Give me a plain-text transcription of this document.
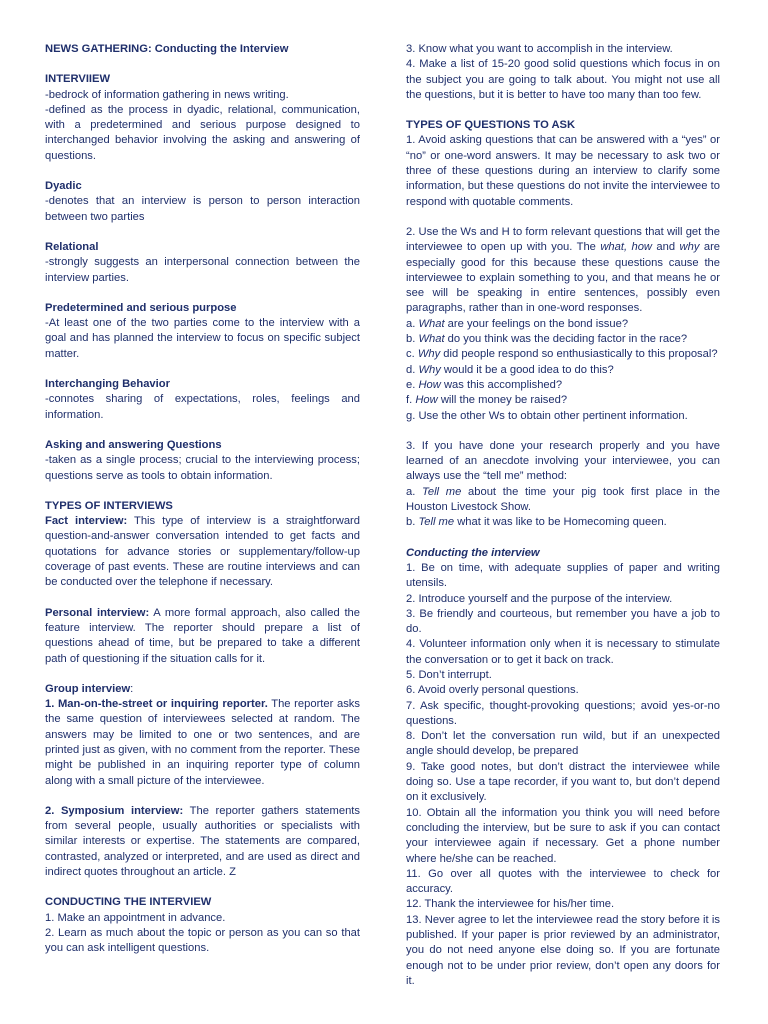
NEWS GATHERING: Conducting the Interview

INTERVIIEW

-bedrock of information gathering in news writing.

-defined as the process in dyadic, relational, communication, with a predetermined and serious purpose designed to interchanged behavior involving the asking and answering of questions.

Dyadic

-denotes that an interview is person to person interaction between two parties

Relational

-strongly suggests an interpersonal connection between the interview parties.

Predetermined and serious purpose

-At least one of the two parties come to the interview with a goal and has planned the interview to focus on specific subject matter.

Interchanging Behavior

-connotes sharing of expectations, roles, feelings and information.

Asking and answering Questions

-taken as a single process; crucial to the interviewing process; questions serve as tools to obtain information.

TYPES OF INTERVIEWS

Fact interview: This type of interview is a straightforward question-and-answer conversation intended to get facts and quotations for advance stories or supplementary/follow-up coverage of past events. These are routine interviews and can be conducted over the telephone if necessary.

Personal interview: A more formal approach, also called the feature interview. The reporter should prepare a list of questions ahead of time, but be prepared to take a different path of questioning if the situation calls for it.

Group interview:

1. Man-on-the-street or inquiring reporter. The reporter asks the same question of interviewees selected at random. The answers may be limited to one or two sentences, and are printed just as given, with no comment from the reporter. These might be published in an inquiring reporter type of column along with a small picture of the interviewee.

2. Symposium interview: The reporter gathers statements from several people, usually authorities or specialists with similar interests or expertise. The statements are compared, contrasted, analyzed or interpreted, and are used as direct and indirect quotes throughout an article. Z

CONDUCTING THE INTERVIEW

1. Make an appointment in advance.

2. Learn as much about the topic or person as you can so that you can ask intelligent questions.

3. Know what you want to accomplish in the interview.

4. Make a list of 15-20 good solid questions which focus in on the subject you are going to talk about. You might not use all the questions, but it is better to have too many than too few.

TYPES OF QUESTIONS TO ASK

1. Avoid asking questions that can be answered with a “yes” or “no” or one-word answers. It may be necessary to ask two or three of these questions during an interview to clarify some information, but these questions do not invite the interviewee to respond with quotable comments.

2. Use the Ws and H to form relevant questions that will get the interviewee to open up with you. The what, how and why are especially good for this because these questions cause the interviewee to explain something to you, and that means he or see will be speaking in entire sentences, possibly even paragraphs, rather than in one-word responses.

a. What are your feelings on the bond issue?

b. What do you think was the deciding factor in the race?

c. Why did people respond so enthusiastically to this proposal?

d. Why would it be a good idea to do this?

e. How was this accomplished?

f. How will the money be raised?

g. Use the other Ws to obtain other pertinent information.

3. If you have done your research properly and you have learned of an anecdote involving your interviewee, you can always use the “tell me” method:

a. Tell me about the time your pig took first place in the Houston Livestock Show.

b. Tell me what it was like to be Homecoming queen.

Conducting the interview

1. Be on time, with adequate supplies of paper and writing utensils.

2. Introduce yourself and the purpose of the interview.

3. Be friendly and courteous, but remember you have a job to do.

4. Volunteer information only when it is necessary to stimulate the conversation or to get it back on track.

5. Don’t interrupt.

6. Avoid overly personal questions.

7. Ask specific, thought-provoking questions; avoid yes-or-no questions.

8. Don’t let the conversation run wild, but if an unexpected angle should develop, be prepared

9. Take good notes, but don’t distract the interviewee while doing so. Use a tape recorder, if you want to, but don’t depend on it exclusively.

10. Obtain all the information you think you will need before concluding the interview, but be sure to ask if you can contact your interviewee again if necessary. Get a phone number where he/she can be reached.

11. Go over all quotes with the interviewee to check for accuracy.

12. Thank the interviewee for his/her time.

13. Never agree to let the interviewee read the story before it is published. If your paper is prior reviewed by an administrator, you do not need anyone else doing so. If you are fortunate enough not to be under prior review, don’t open any doors for it.
